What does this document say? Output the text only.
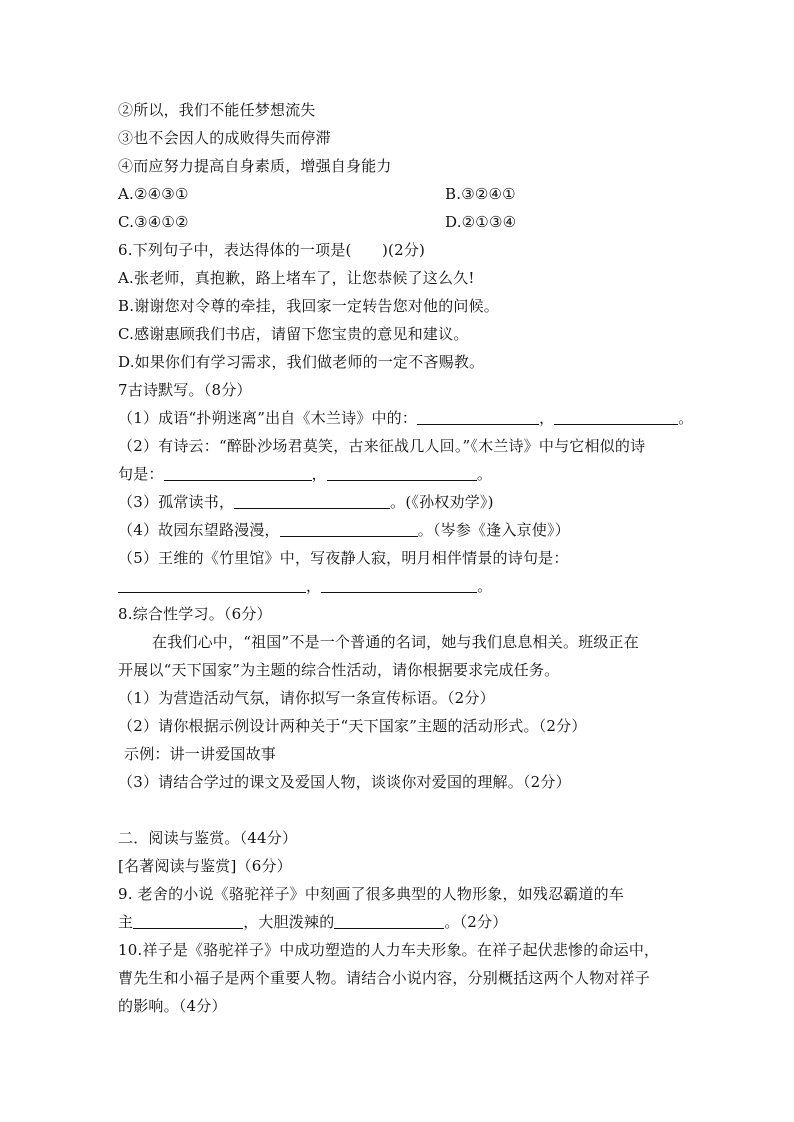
②所以，我们不能任梦想流失
③也不会因人的成败得失而停滞
④而应努力提高自身素质，增强自身能力
A.②④③①	B.③②④①
C.③④①②	D.②①③④
6.下列句子中，表达得体的一项是(　　)(2分)
A.张老师，真抱歉，路上堵车了，让您恭候了这么久!
B.谢谢您对令尊的牵挂，我回家一定转告您对他的问候。
C.感谢惠顾我们书店，请留下您宝贵的意见和建议。
D.如果你们有学习需求，我们做老师的一定不吝赐教。
7古诗默写。（8分）
（1）成语“扑朔迷离”出自《木兰诗》中的：	，	。
（2）有诗云：“醉卧沙场君莫笑，古来征战几人回。”《木兰诗》中与它相似的诗
句是：	，	。
（3）孤常读书，	。(《孙权劝学》)
（4）故园东望路漫漫，	。（岑参《逢入京使》）
（5）王维的《竹里馆》中，写夜静人寂，明月相伴情景的诗句是：
，	。
8.综合性学习。（6分）
在我们心中，“祖国”不是一个普通的名词，她与我们息息相关。班级正在
开展以“天下国家”为主题的综合性活动，请你根据要求完成任务。
（1）为营造活动气氛，请你拟写一条宣传标语。（2分）
（2）请你根据示例设计两种关于“天下国家”主题的活动形式。（2分）
示例：讲一讲爱国故事
（3）请结合学过的课文及爱国人物，谈谈你对爱国的理解。（2分）
二．阅读与鉴赏。（44分）
[名著阅读与鉴赏]（6分）
9. 老舍的小说《骆驼祥子》中刻画了很多典型的人物形象，如残忍霸道的车
主	，大胆泼辣的	。（2分）
10.祥子是《骆驼祥子》中成功塑造的人力车夫形象。在祥子起伏悲惨的命运中，
曹先生和小福子是两个重要人物。请结合小说内容，分别概括这两个人物对祥子
的影响。（4分）
